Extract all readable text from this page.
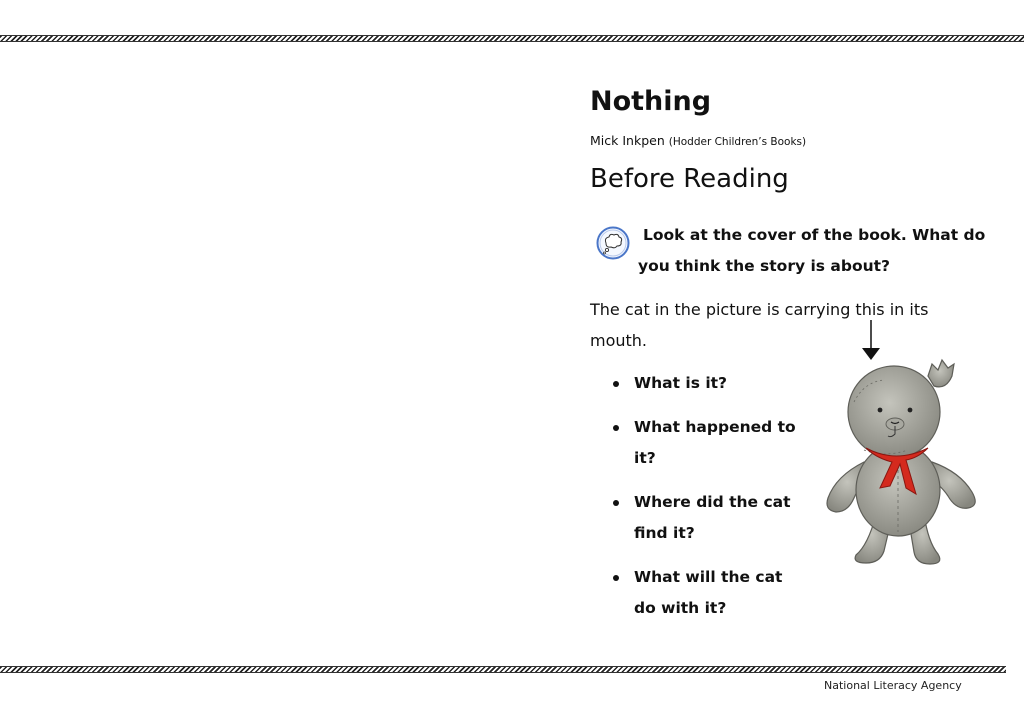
Nothing
Mick Inkpen (Hodder Children’s Books)
Before Reading
Look at the cover of the book. What do you think the story is about?
The cat in the picture is carrying this in its mouth.
What is it?
What happened to it?
Where did the cat find it?
What will the cat do with it?
National Literacy Agency
